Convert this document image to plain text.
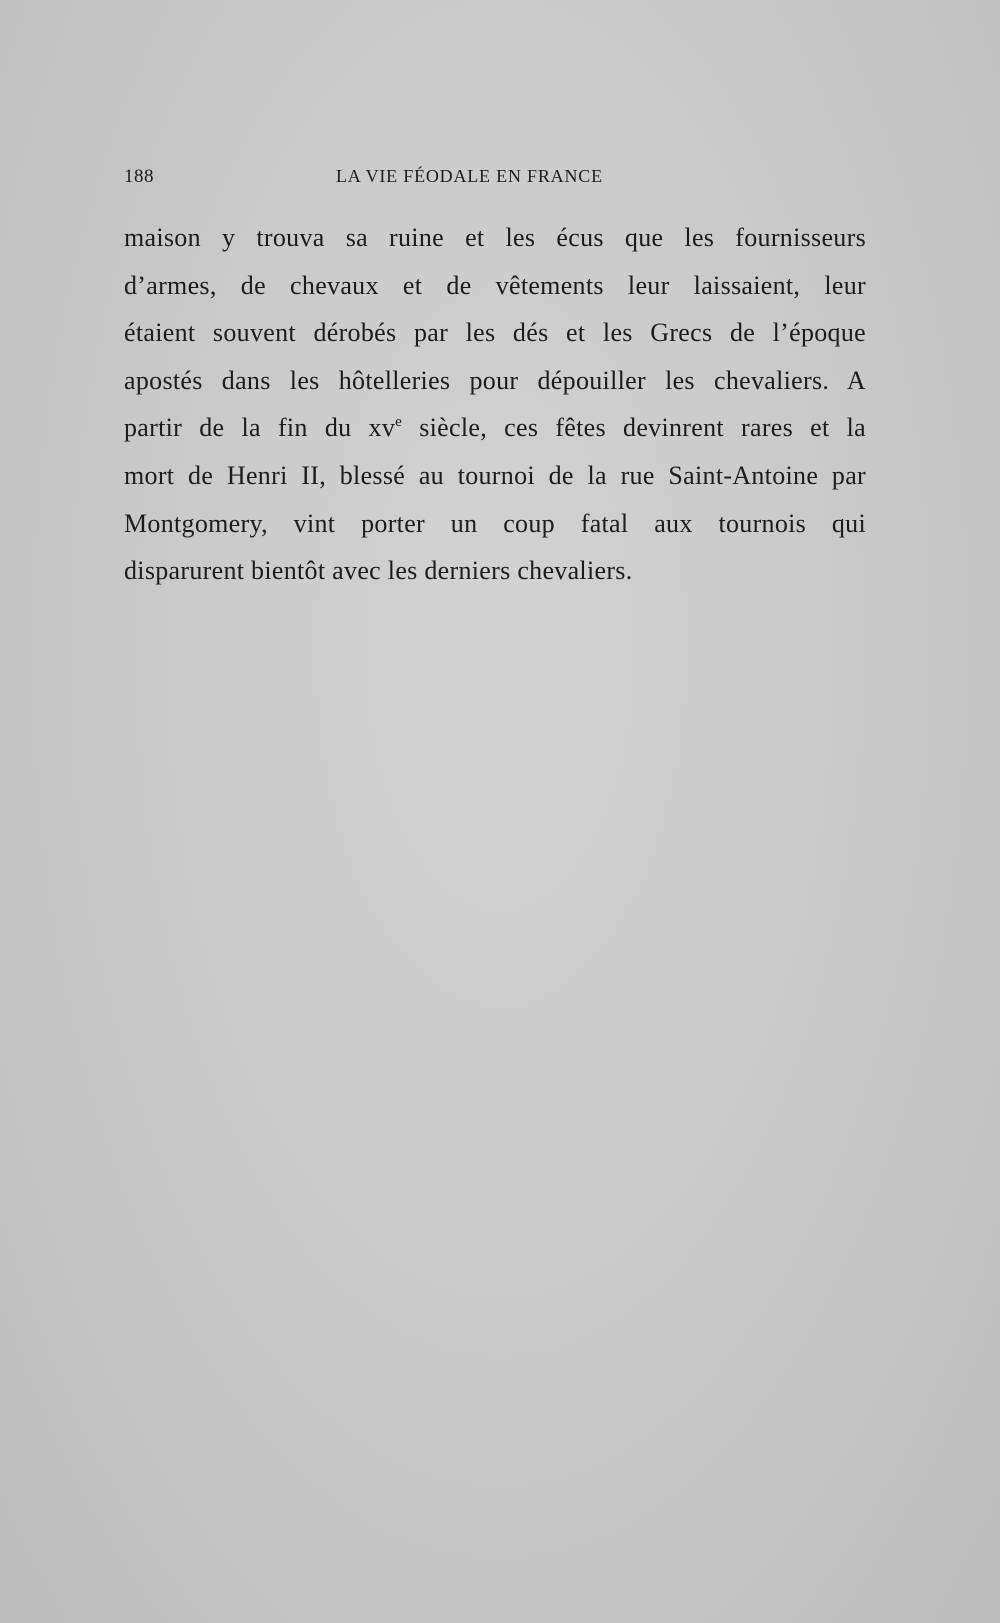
188	LA VIE FÉODALE EN FRANCE
maison y trouva sa ruine et les écus que les fournisseurs
d’armes, de chevaux et de vêtements leur laissaient, leur
étaient souvent dérobés par les dés et les Grecs de l’époque
apostés dans les hôtelleries pour dépouiller les chevaliers. A
partir de la fin du $xv^e$ siècle, ces fêtes devinrent rares et la
mort de Henri II, blessé au tournoi de la rue Saint-Antoine par
Montgomery, vint porter un coup fatal aux tournois qui
disparurent bientôt avec les derniers chevaliers.
